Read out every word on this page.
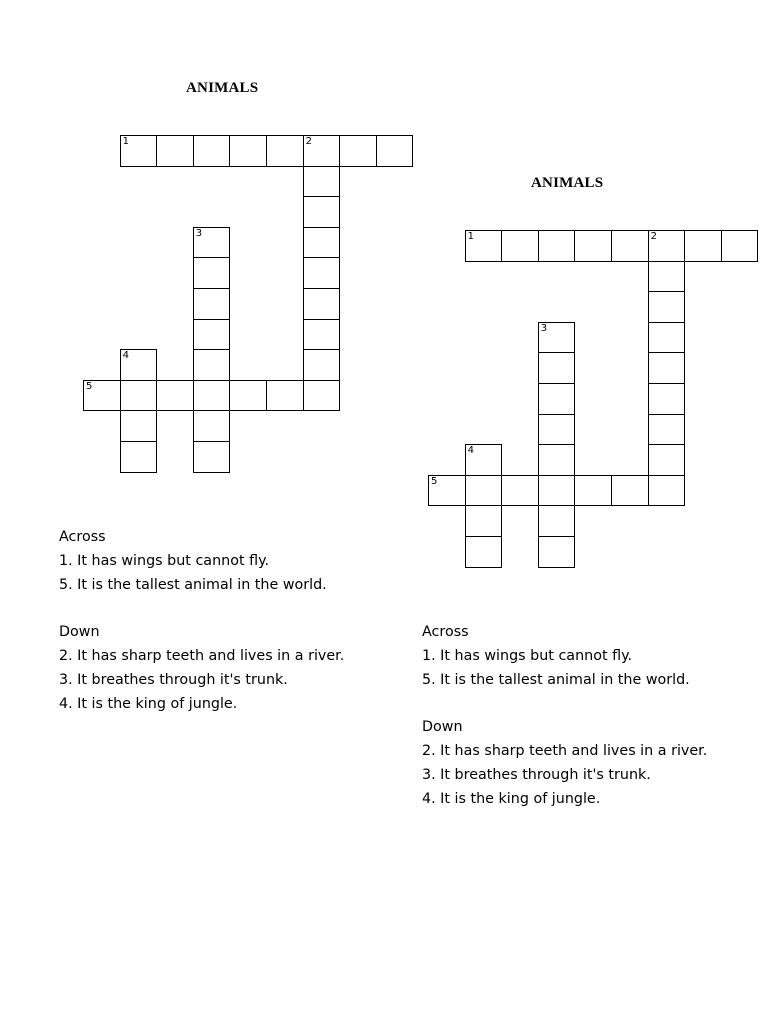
ANIMALS
1	2
3
4
5
Across
1. It has wings but cannot fly.
5. It is the tallest animal in the world.
Down
2. It has sharp teeth and lives in a river.
3. It breathes through it's trunk.
4. It is the king of jungle.
ANIMALS
1	2
3
4
5
Across
1. It has wings but cannot fly.
5. It is the tallest animal in the world.
Down
2. It has sharp teeth and lives in a river.
3. It breathes through it's trunk.
4. It is the king of jungle.
